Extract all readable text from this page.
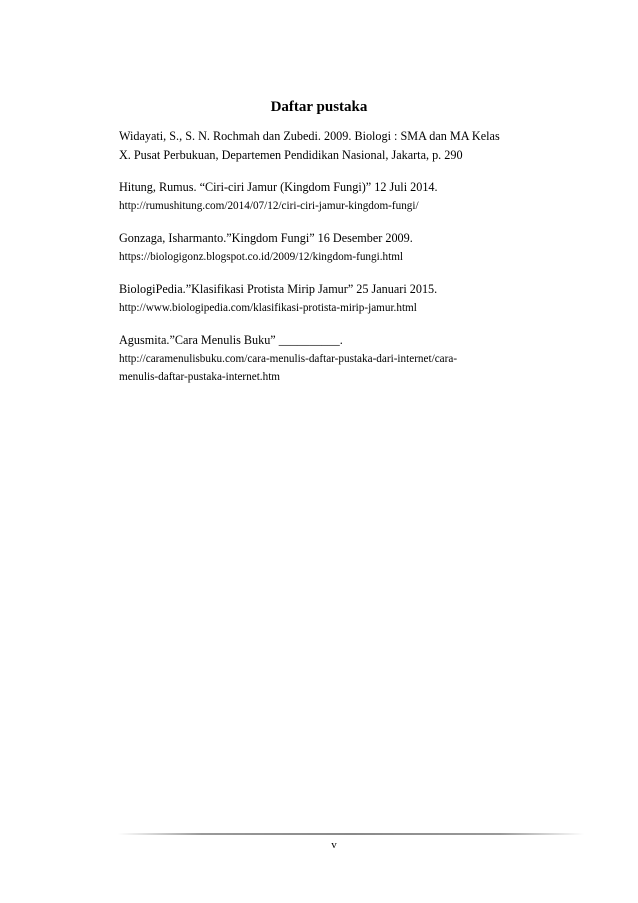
Daftar pustaka
Widayati, S., S. N. Rochmah dan Zubedi. 2009. Biologi : SMA dan MA Kelas
X. Pusat Perbukuan, Departemen Pendidikan Nasional, Jakarta, p. 290
Hitung, Rumus. “Ciri-ciri Jamur (Kingdom Fungi)” 12 Juli 2014.
http://rumushitung.com/2014/07/12/ciri-ciri-jamur-kingdom-fungi/
Gonzaga, Isharmanto.”Kingdom Fungi” 16 Desember 2009.
https://biologigonz.blogspot.co.id/2009/12/kingdom-fungi.html
BiologiPedia.”Klasifikasi Protista Mirip Jamur” 25 Januari 2015.
http://www.biologipedia.com/klasifikasi-protista-mirip-jamur.html
Agusmita.”Cara Menulis Buku” __________.
http://caramenulisbuku.com/cara-menulis-daftar-pustaka-dari-internet/cara-
menulis-daftar-pustaka-internet.htm
v
